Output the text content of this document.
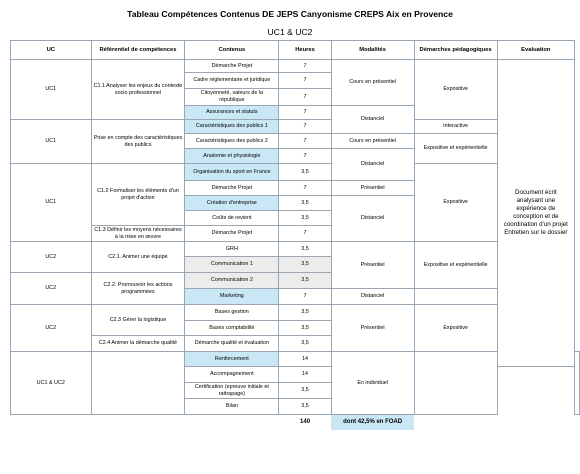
Tableau Compétences Contenus DE JEPS Canyonisme CREPS Aix en Provence
UC1 & UC2
UC	Référentiel de compétences	Contenus	Heures	Modalités	Démarches pédagogiques	Evaluation	
UC1	C1.1 Analyser les enjeux du contexte socio professionnel	Démarche Projet	7	Cours en présentiel	Expositive	Document écrit analysant une expérience de conception et de coordination d'un projet Entretien sur le dossier	
		Cadre réglementaire et juridique	7				
		Citoyenneté, valeurs de la république	7				
		Assurances et statuts	7	Distanciel			
UC1	Prise en compte des caractéristiques des publics	Caractéristiques des publics 1	7		Interactive		
		Caractéristiques des publics 2	7	Cours en présentiel	Expositive et expérientielle		
		Anatomie et physiologie	7	Distanciel			
UC1	C1.2 Formaliser les éléments d'un projet d'action	Organisation du sport en France	3,5		Expositive		
		Démarche Projet	7	Présentiel			
		Création d'entreprise	3,5	Distanciel			
		Coûts de revient	3,5				
	C1.3 Définir les moyens nécessaires à la mise en œuvre	Démarche Projet	7				
UC2	C2.1. Animer une équipe	GRH	3,5	Présentiel	Expositive et expérientielle		
		Communication 1	3,5				
UC2	C2.2. Promouvoir les actions programmées	Communication 2	3,5				
		Marketing	7	Distanciel			
UC2	C2.3 Gérer la logistique	Bases gestion	3,5	Présentiel	Expositive		
		Bases comptabilité	3,5				
	C2.4 Animer la démarche qualité	Démarche qualité et évaluation	3,5				
UC1 & UC2		Renforcement	14	En individuel			
		Accompagnement	14				
		Certification (epreuve initiale et rattrapage)	3,5				
		Bilan	3,5				
			140	dont 42,5% en FOAD			
